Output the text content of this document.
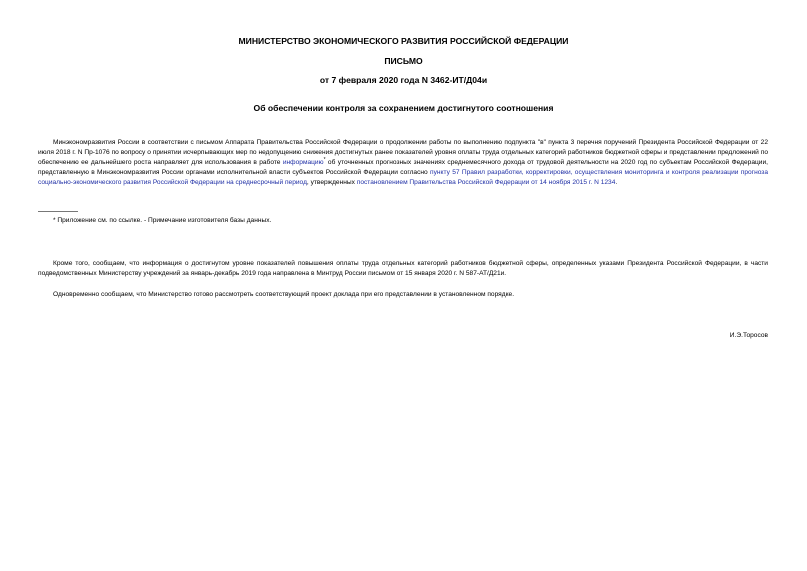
МИНИСТЕРСТВО ЭКОНОМИЧЕСКОГО РАЗВИТИЯ РОССИЙСКОЙ ФЕДЕРАЦИИ

ПИСЬМО

от 7 февраля 2020 года N 3462-ИТ/Д04и

Об обеспечении контроля за сохранением достигнутого соотношения

Минэкономразвития России в соответствии с письмом Аппарата Правительства Российской Федерации о продолжении работы по выполнению подпункта "в" пункта 3 перечня поручений Президента Российской Федерации от 22 июля 2018 г. N Пр-1076 по вопросу о принятии исчерпывающих мер по недопущению снижения достигнутых ранее показателей уровня оплаты труда отдельных категорий работников бюджетной сферы и представлении предложений по обеспечению ее дальнейшего роста направляет для использования в работе информацию* об уточненных прогнозных значениях среднемесячного дохода от трудовой деятельности на 2020 год по субъектам Российской Федерации, представленную в Минэкономразвития России органами исполнительной власти субъектов Российской Федерации согласно пункту 57 Правил разработки, корректировки, осуществления мониторинга и контроля реализации прогноза социально-экономического развития Российской Федерации на среднесрочный период, утвержденных постановлением Правительства Российской Федерации от 14 ноября 2015 г. N 1234.

* Приложение см. по ссылке. - Примечание изготовителя базы данных.

Кроме того, сообщаем, что информация о достигнутом уровне показателей повышения оплаты труда отдельных категорий работников бюджетной сферы, определенных указами Президента Российской Федерации, в части подведомственных Министерству учреждений за январь-декабрь 2019 года направлена в Минтруд России письмом от 15 января 2020 г. N 587-АТ/Д21и.

Одновременно сообщаем, что Министерство готово рассмотреть соответствующий проект доклада при его представлении в установленном порядке.

И.Э.Торосов
